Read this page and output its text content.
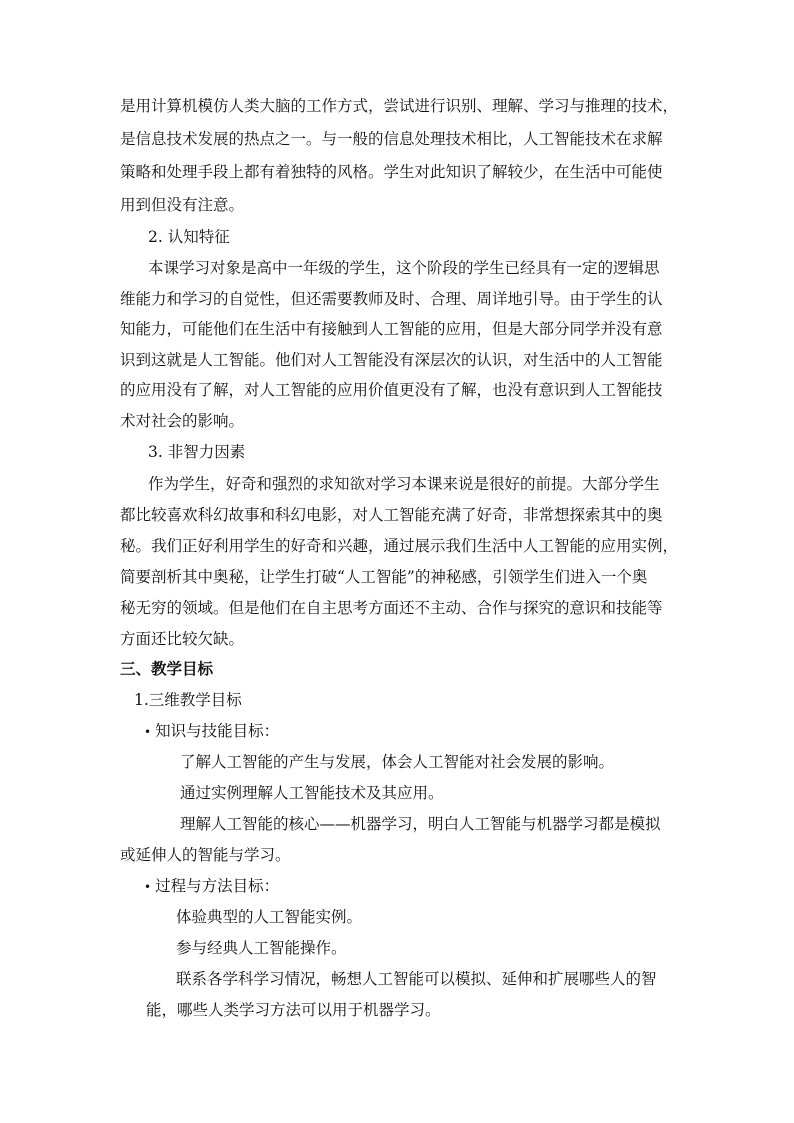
是用计算机模仿人类大脑的工作方式，尝试进行识别、理解、学习与推理的技术，
是信息技术发展的热点之一。与一般的信息处理技术相比，人工智能技术在求解
策略和处理手段上都有着独特的风格。学生对此知识了解较少，在生活中可能使
用到但没有注意。
2. 认知特征
本课学习对象是高中一年级的学生，这个阶段的学生已经具有一定的逻辑思
维能力和学习的自觉性，但还需要教师及时、合理、周详地引导。由于学生的认
知能力，可能他们在生活中有接触到人工智能的应用，但是大部分同学并没有意
识到这就是人工智能。他们对人工智能没有深层次的认识，对生活中的人工智能
的应用没有了解，对人工智能的应用价值更没有了解，也没有意识到人工智能技
术对社会的影响。
3. 非智力因素
作为学生，好奇和强烈的求知欲对学习本课来说是很好的前提。大部分学生
都比较喜欢科幻故事和科幻电影，对人工智能充满了好奇，非常想探索其中的奥
秘。我们正好利用学生的好奇和兴趣，通过展示我们生活中人工智能的应用实例，
简要剖析其中奥秘，让学生打破“人工智能”的神秘感，引领学生们进入一个奥
秘无穷的领域。但是他们在自主思考方面还不主动、合作与探究的意识和技能等
方面还比较欠缺。
三、教学目标
1.三维教学目标
• 知识与技能目标：
了解人工智能的产生与发展，体会人工智能对社会发展的影响。
通过实例理解人工智能技术及其应用。
理解人工智能的核心——机器学习，明白人工智能与机器学习都是模拟
或延伸人的智能与学习。
• 过程与方法目标：
体验典型的人工智能实例。
参与经典人工智能操作。
联系各学科学习情况，畅想人工智能可以模拟、延伸和扩展哪些人的智
能，哪些人类学习方法可以用于机器学习。
